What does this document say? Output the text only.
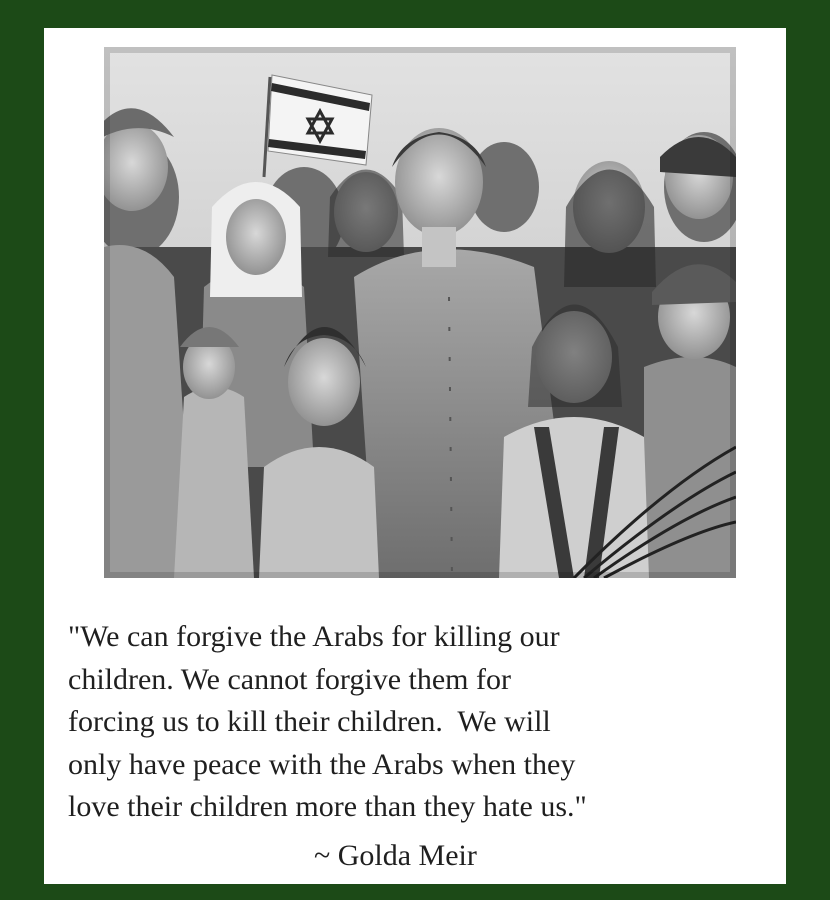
"We can forgive the Arabs for killing our
children. We cannot forgive them for
forcing us to kill their children.  We will
only have peace with the Arabs when they
love their children more than they hate us."
~ Golda Meir
